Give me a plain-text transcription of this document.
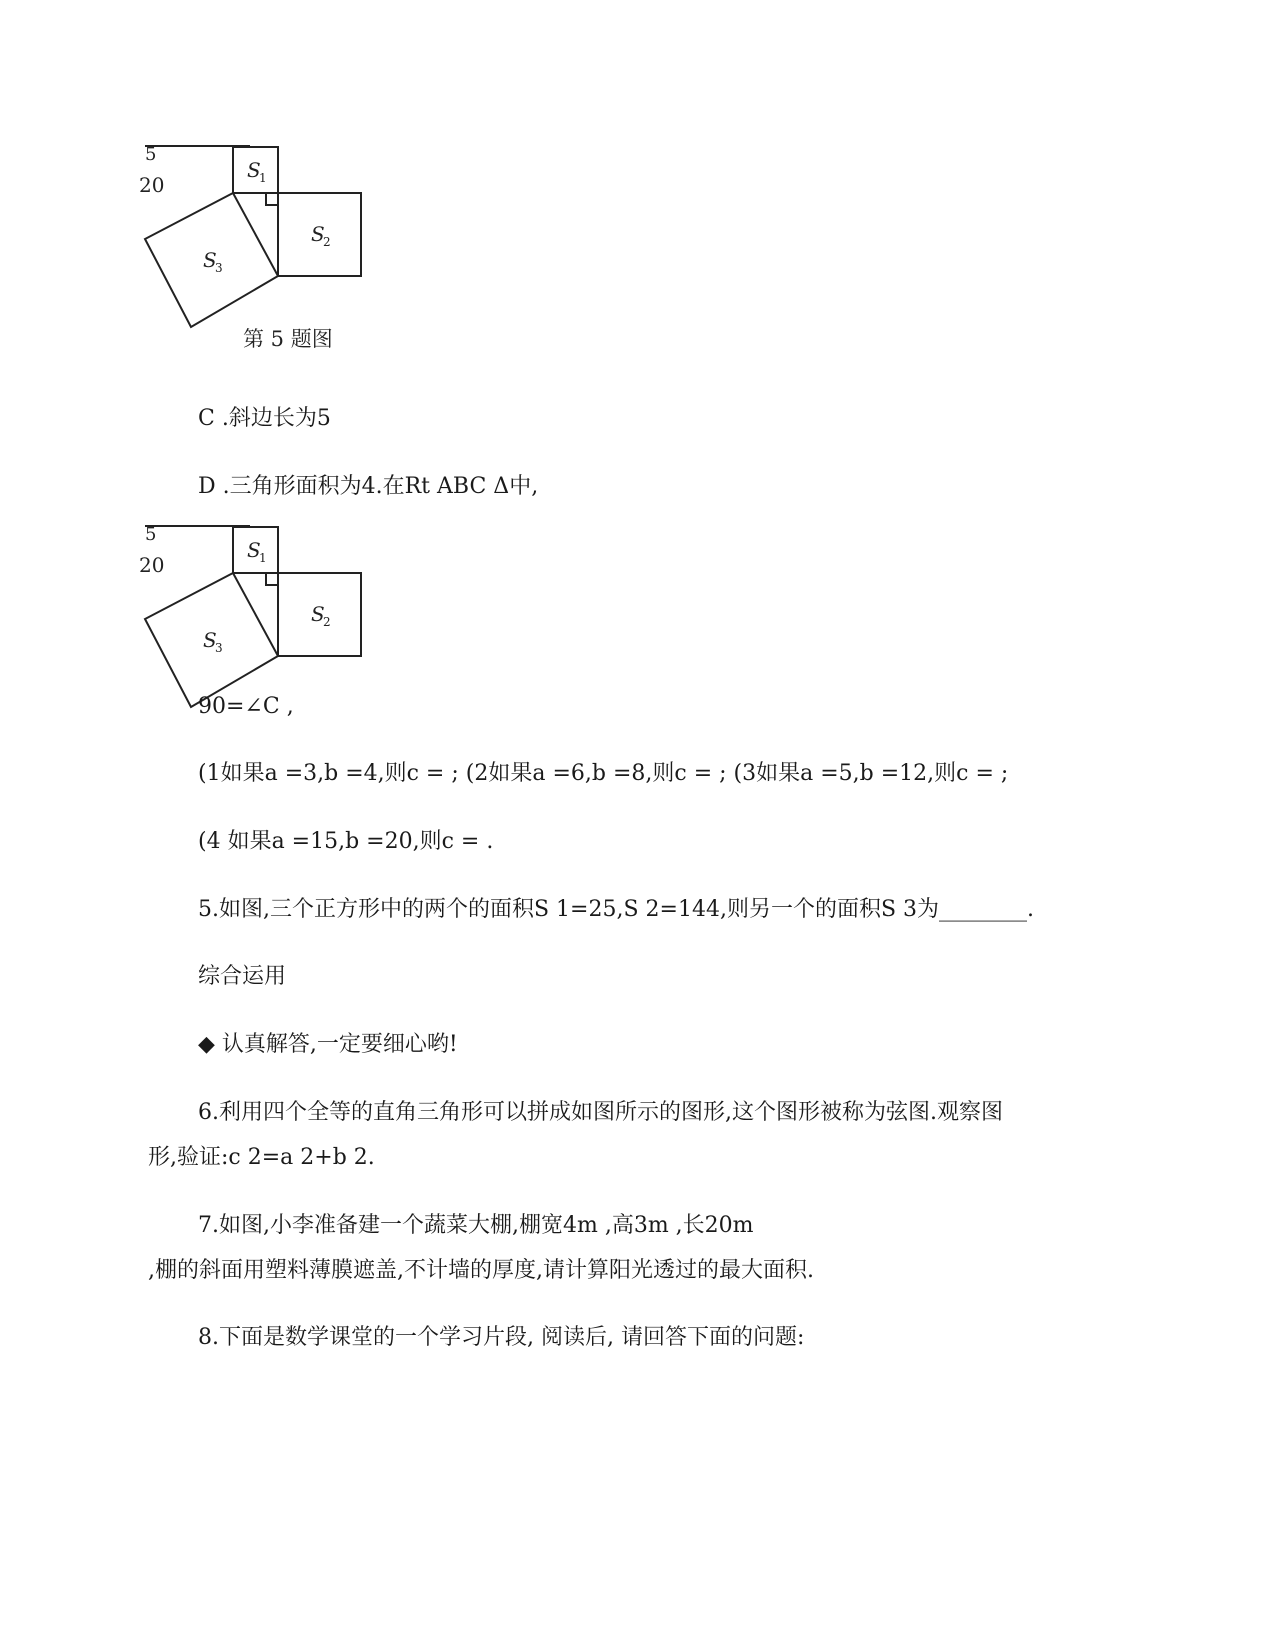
5
20
S
1
S
2
S
3
第 5 题图
C .斜边长为5
D .三角形面积为4.在Rt ABC Δ中,
5
20
S
1
S
2
S
3
90=∠C ,
(1如果a =3,b =4,则c = ; (2如果a =6,b =8,则c = ; (3如果a =5,b =12,则c = ;
(4 如果a =15,b =20,则c = .
5.如图,三个正方形中的两个的面积S 1=25,S 2=144,则另一个的面积S 3为________.
综合运用
◆ 认真解答,一定要细心哟!
6.利用四个全等的直角三角形可以拼成如图所示的图形,这个图形被称为弦图.观察图
形,验证:c 2=a 2+b 2.
7.如图,小李准备建一个蔬菜大棚,棚宽4m ,高3m ,长20m
,棚的斜面用塑料薄膜遮盖,不计墙的厚度,请计算阳光透过的最大面积.
8.下面是数学课堂的一个学习片段, 阅读后, 请回答下面的问题:
